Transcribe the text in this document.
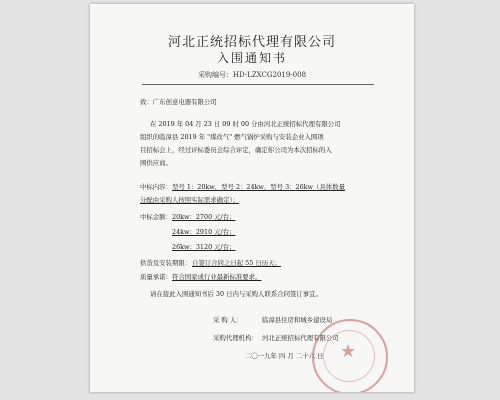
河北正统招标代理有限公司
入围通知书
采购编号：HD-LZXCG2019-008
致：广东创意电器有限公司
在 2019 年 04 月 23 日 09 时 00 分由河北正统招标代理有限公司
组织的临漳县 2019 年 "煤改气" 燃气锅炉采购与安装企业入围项
目招标会上，经过评标委员会综合评定，确定你公司为本次招标的入
围供应商。
中标内容： 型号 1：20kw，型号 2：24kw，型号 3：26kw（具体数量
分配由采购人按照实际需求确定）；
中标金额： 20kw：2700 元/台；
24kw：2910 元/台；
26kw：3120 元/台；
供货及安装期限： 自签订合同之日起 55 日历天；
质量承诺： 符合国家或行业最新标准要求。
请在接此入围通知书后 30 日内与采购人联系合同签订事宜。
采 购 人：	临漳县住房和城乡建设局
采购代理机构： 河北正统招标代理有限公司
二〇一九年 四 月 二十六 日 ★
